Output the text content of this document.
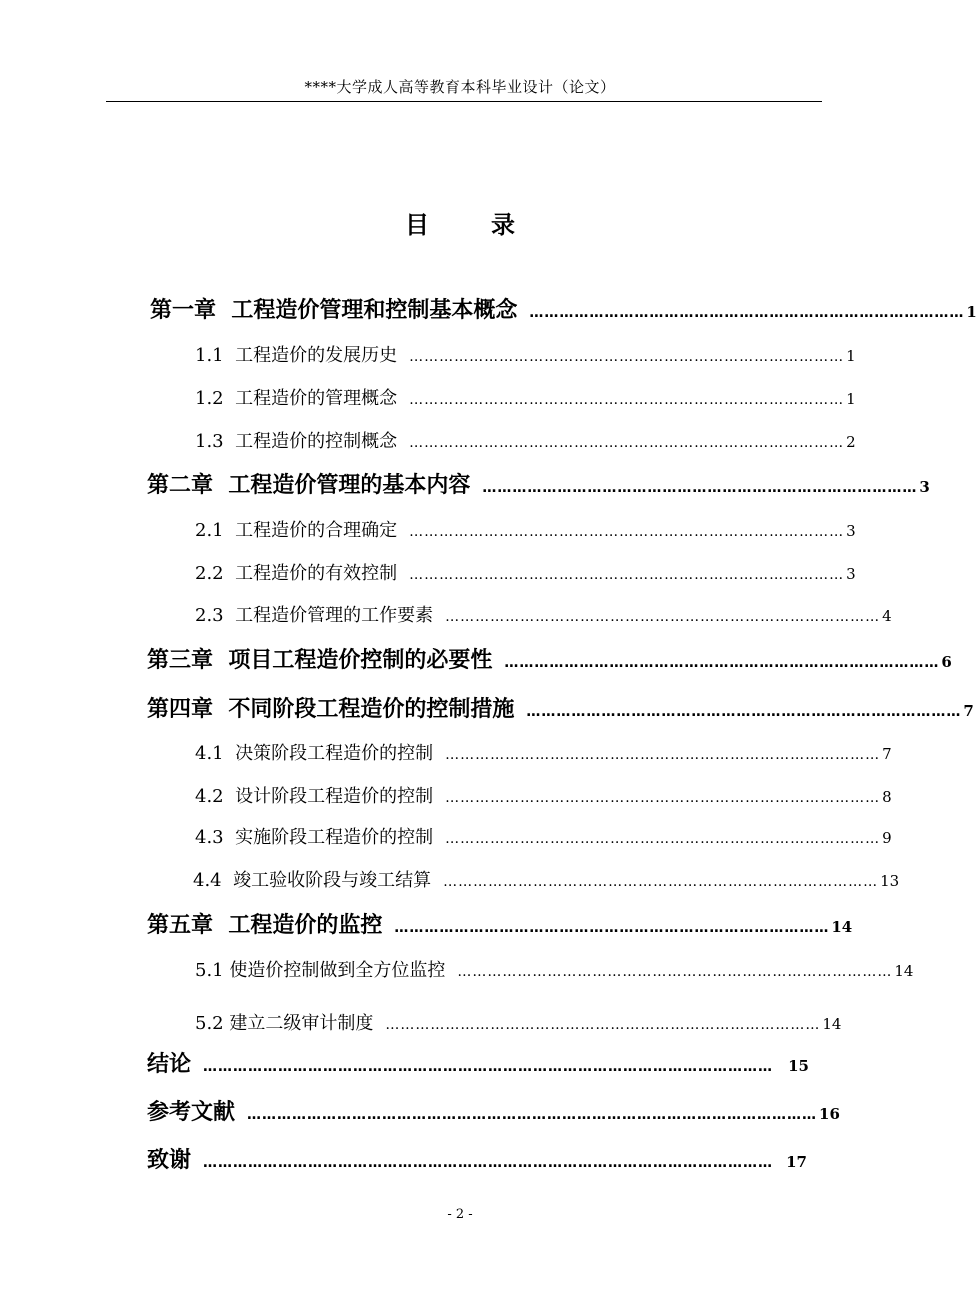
****大学成人高等教育本科毕业设计（论文）
目	录
第一章 工程造价管理和控制基本概念 …………………………………………………………………………… 1
1.1 工程造价的发展历史 …………………………………………………………………………… 1
1.2 工程造价的管理概念 …………………………………………………………………………… 1
1.3 工程造价的控制概念 …………………………………………………………………………… 2
第二章 工程造价管理的基本内容 …………………………………………………………………………… 3
2.1 工程造价的合理确定 …………………………………………………………………………… 3
2.2 工程造价的有效控制 …………………………………………………………………………… 3
2.3 工程造价管理的工作要素 …………………………………………………………………………… 4
第三章 项目工程造价控制的必要性 …………………………………………………………………………… 6
第四章 不同阶段工程造价的控制措施 …………………………………………………………………………… 7
4.1 决策阶段工程造价的控制 …………………………………………………………………………… 7
4.2 设计阶段工程造价的控制 …………………………………………………………………………… 8
4.3 实施阶段工程造价的控制 …………………………………………………………………………… 9
4.4 竣工验收阶段与竣工结算 …………………………………………………………………………… 13
第五章 工程造价的监控 …………………………………………………………………………… 14
5.1 使造价控制做到全方位监控 …………………………………………………………………………… 14
5.2 建立二级审计制度 …………………………………………………………………………… 14
结论 ……………………………………………………………………………………………………	15
参考文献 …………………………………………………………………………………………………… 16
致谢 …………………………………………………………………………………………………… 17
- 2 -
